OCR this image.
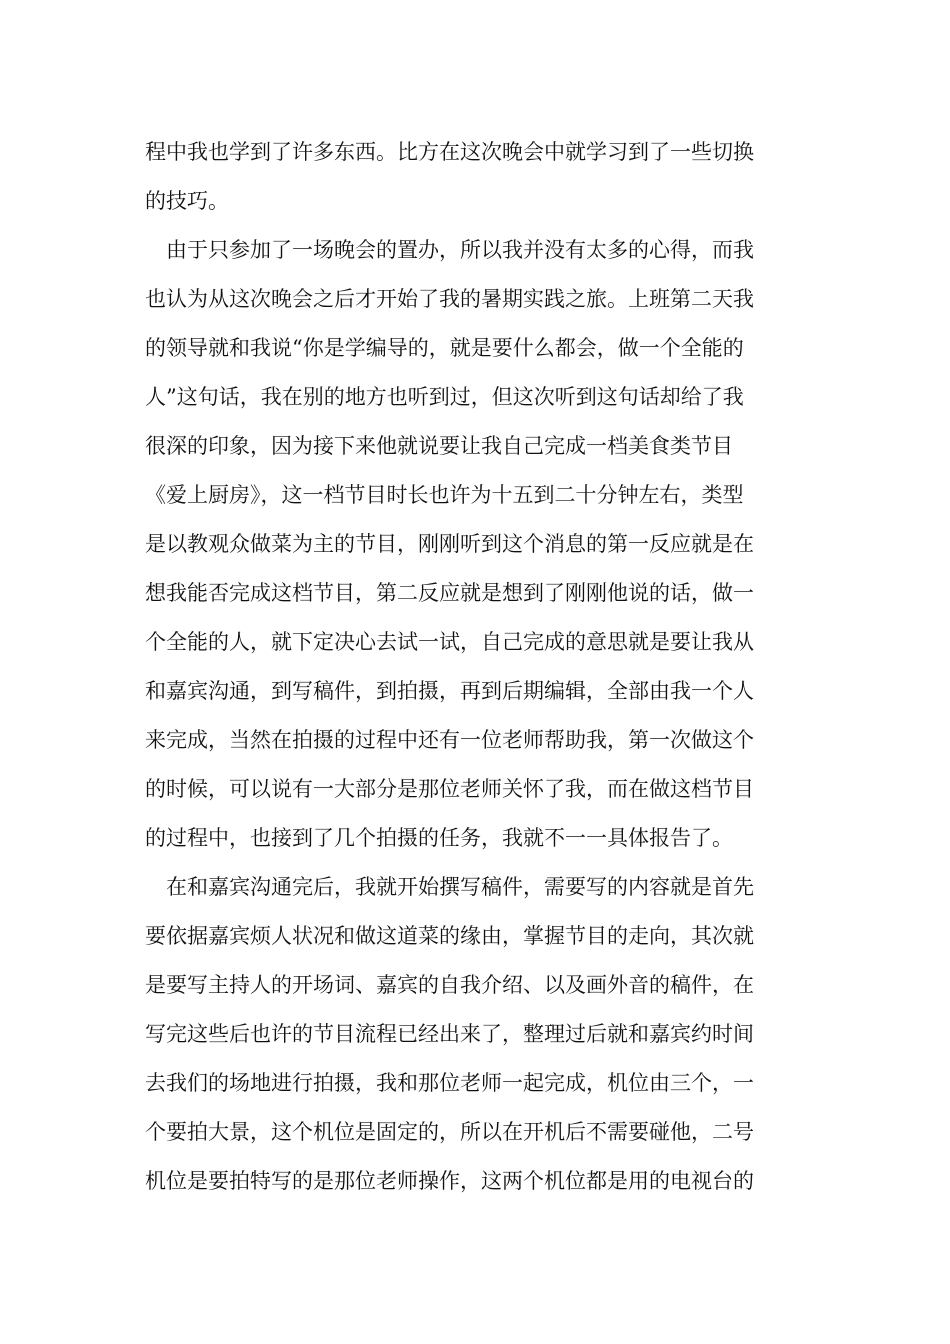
程中我也学到了许多东西。比方在这次晚会中就学习到了一些切换
的技巧。
由于只参加了一场晚会的置办，所以我并没有太多的心得，而我
也认为从这次晚会之后才开始了我的暑期实践之旅。上班第二天我
的领导就和我说“你是学编导的，就是要什么都会，做一个全能的
人”这句话，我在别的地方也听到过，但这次听到这句话却给了我
很深的印象，因为接下来他就说要让我自己完成一档美食类节目
《爱上厨房》，这一档节目时长也许为十五到二十分钟左右，类型
是以教观众做菜为主的节目，刚刚听到这个消息的第一反应就是在
想我能否完成这档节目，第二反应就是想到了刚刚他说的话，做一
个全能的人，就下定决心去试一试，自己完成的意思就是要让我从
和嘉宾沟通，到写稿件，到拍摄，再到后期编辑，全部由我一个人
来完成，当然在拍摄的过程中还有一位老师帮助我，第一次做这个
的时候，可以说有一大部分是那位老师关怀了我，而在做这档节目
的过程中，也接到了几个拍摄的任务，我就不一一具体报告了。
在和嘉宾沟通完后，我就开始撰写稿件，需要写的内容就是首先
要依据嘉宾烦人状况和做这道菜的缘由，掌握节目的走向，其次就
是要写主持人的开场词、嘉宾的自我介绍、以及画外音的稿件，在
写完这些后也许的节目流程已经出来了，整理过后就和嘉宾约时间
去我们的场地进行拍摄，我和那位老师一起完成，机位由三个，一
个要拍大景，这个机位是固定的，所以在开机后不需要碰他，二号
机位是要拍特写的是那位老师操作，这两个机位都是用的电视台的
